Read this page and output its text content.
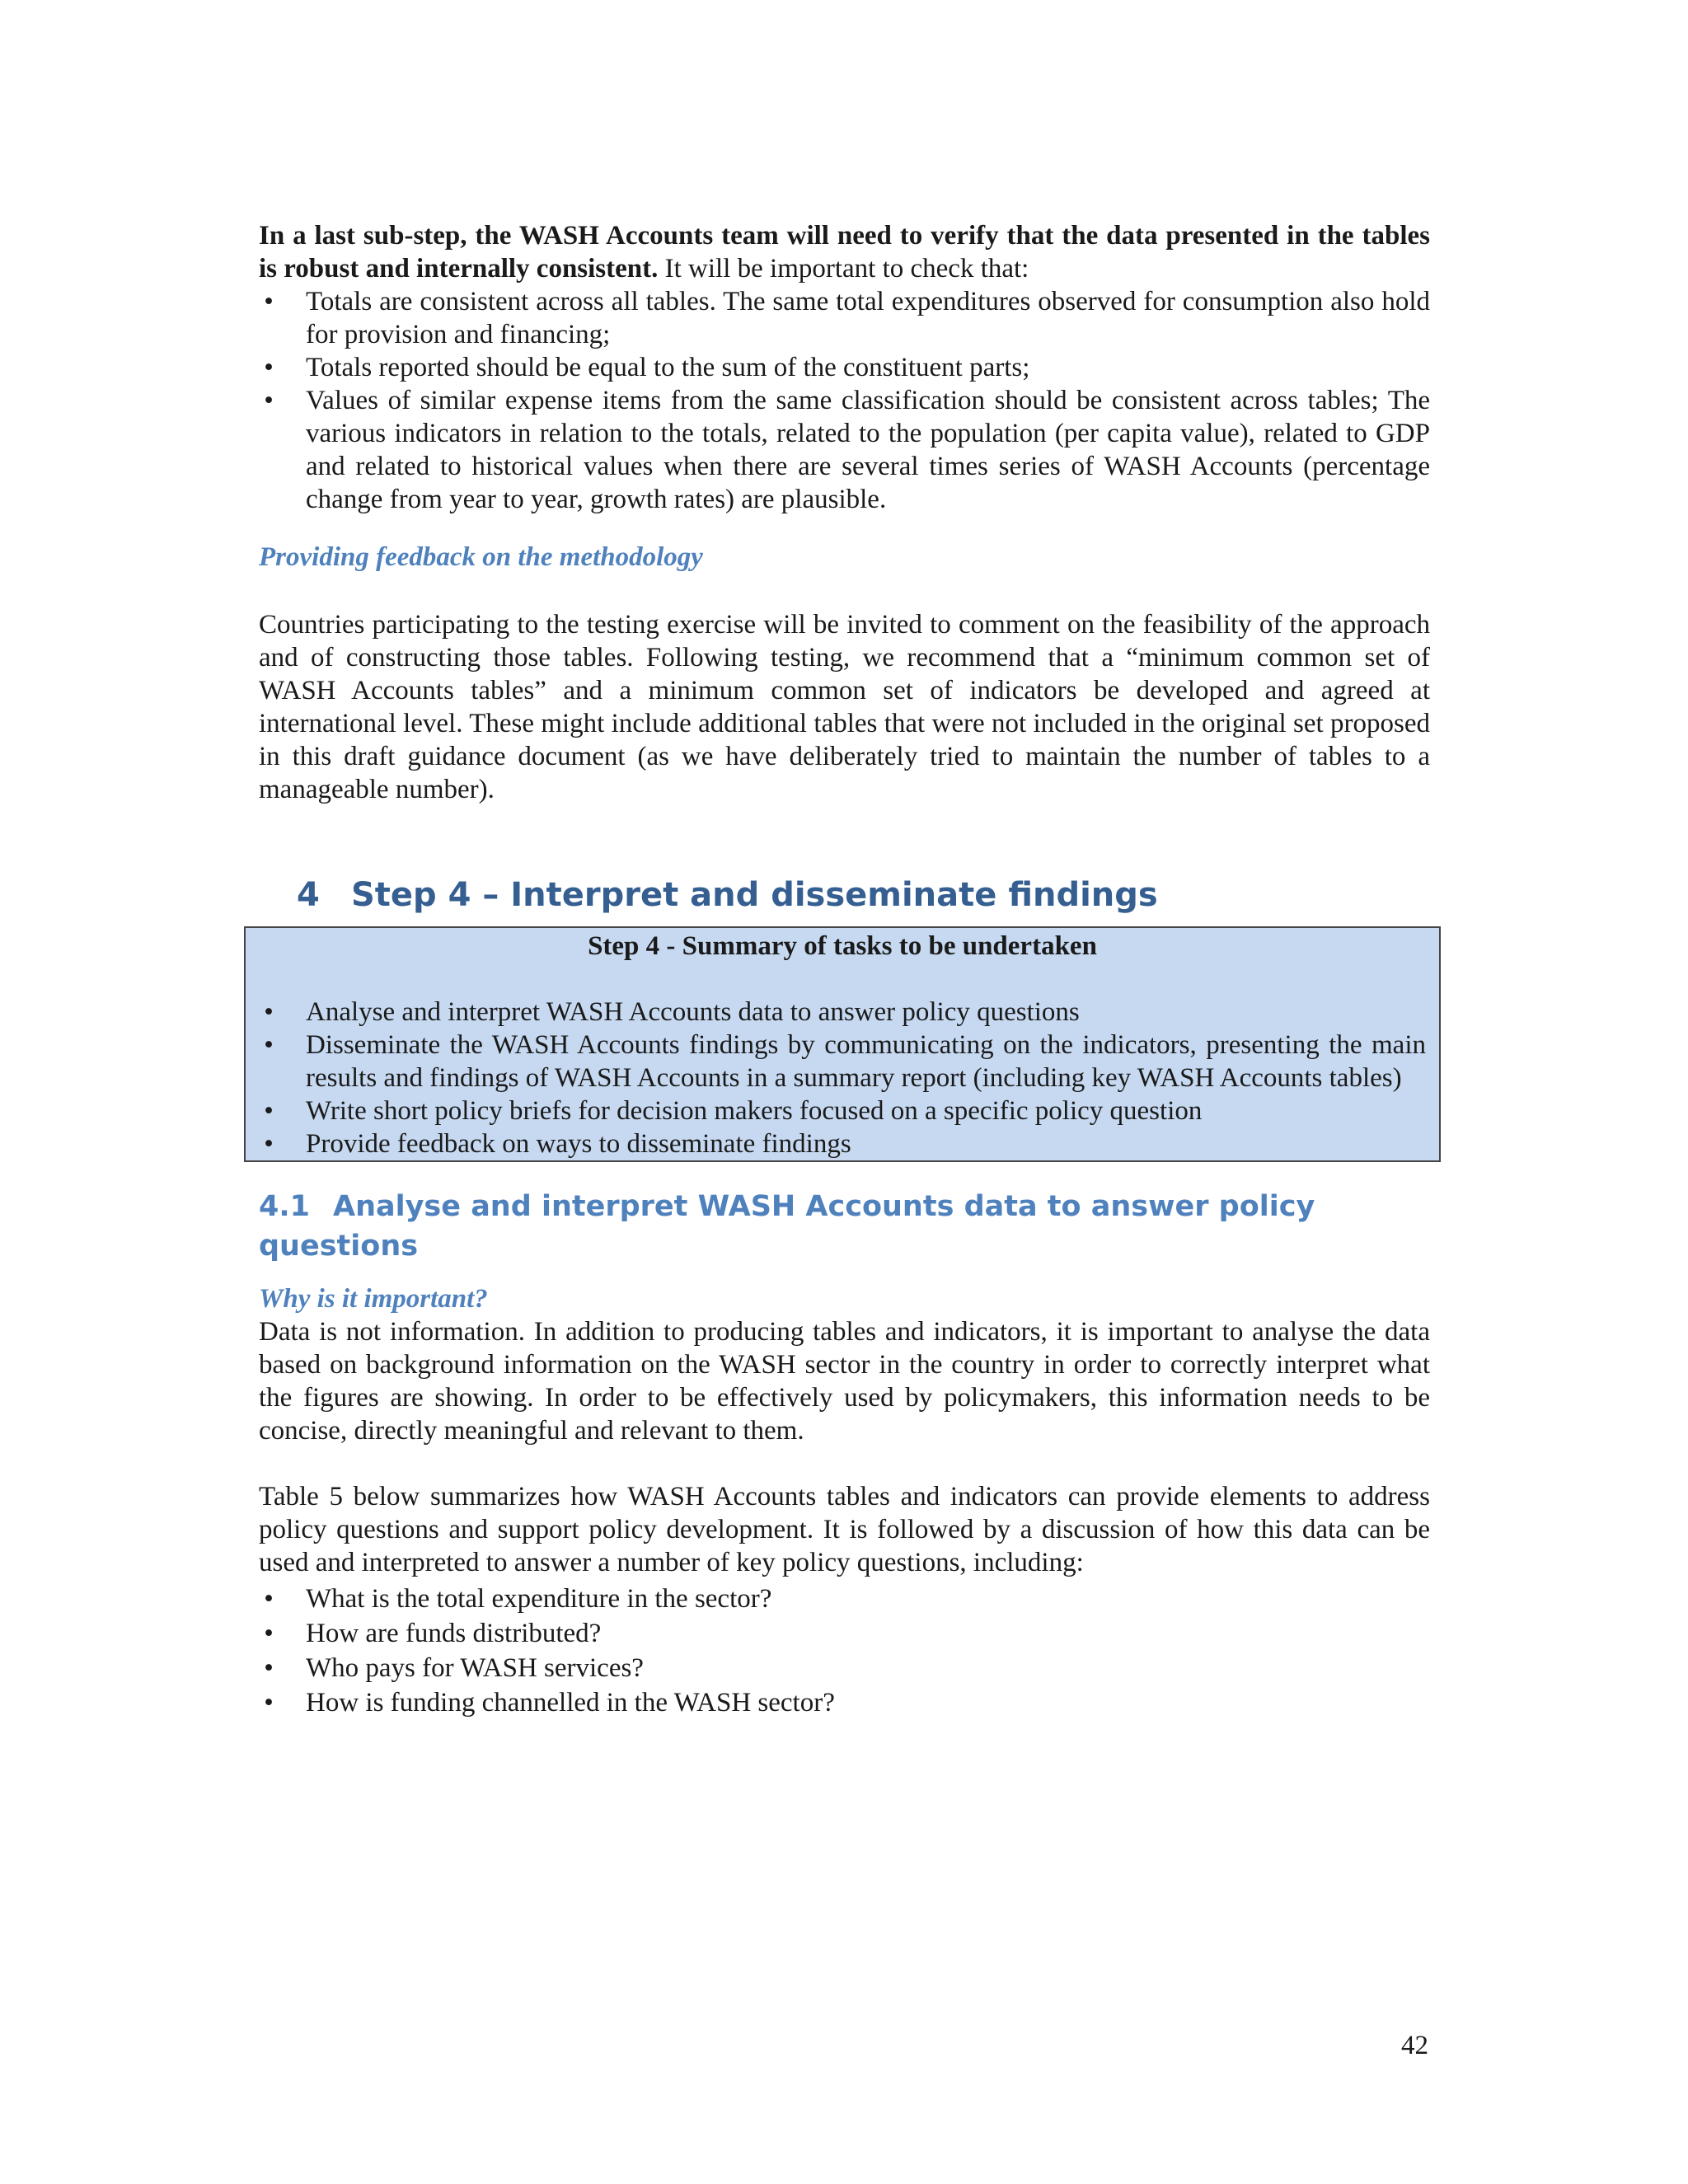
In a last sub-step, the WASH Accounts team will need to verify that the data presented in the tables is robust and internally consistent. It will be important to check that:

• Totals are consistent across all tables. The same total expenditures observed for consumption also hold for provision and financing;
• Totals reported should be equal to the sum of the constituent parts;
• Values of similar expense items from the same classification should be consistent across tables; The various indicators in relation to the totals, related to the population (per capita value), related to GDP and related to historical values when there are several times series of WASH Accounts (percentage change from year to year, growth rates) are plausible.
Providing feedback on the methodology

Countries participating to the testing exercise will be invited to comment on the feasibility of the approach and of constructing those tables. Following testing, we recommend that a “minimum common set of WASH Accounts tables” and a minimum common set of indicators be developed and agreed at international level. These might include additional tables that were not included in the original set proposed in this draft guidance document (as we have deliberately tried to maintain the number of tables to a manageable number).

4 Step 4 – Interpret and disseminate findings
Step 4 - Summary of tasks to be undertaken
• Analyse and interpret WASH Accounts data to answer policy questions
• Disseminate the WASH Accounts findings by communicating on the indicators, presenting the main results and findings of WASH Accounts in a summary report (including key WASH Accounts tables)
• Write short policy briefs for decision makers focused on a specific policy question
• Provide feedback on ways to disseminate findings
4.1 Analyse and interpret WASH Accounts data to answer policy questions
Why is it important?

Data is not information. In addition to producing tables and indicators, it is important to analyse the data based on background information on the WASH sector in the country in order to correctly interpret what the figures are showing. In order to be effectively used by policymakers, this information needs to be concise, directly meaningful and relevant to them.

Table 5 below summarizes how WASH Accounts tables and indicators can provide elements to address policy questions and support policy development. It is followed by a discussion of how this data can be used and interpreted to answer a number of key policy questions, including:

• What is the total expenditure in the sector?
• How are funds distributed?
• Who pays for WASH services?
• How is funding channelled in the WASH sector?
42
